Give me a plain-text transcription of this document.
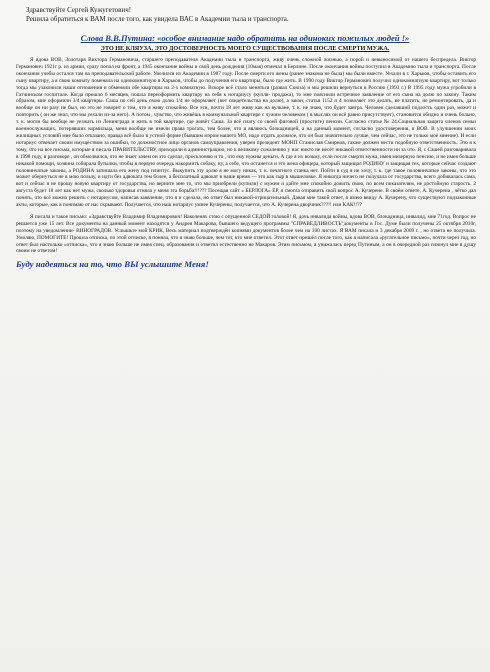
Здравствуйте Сергей Кужугетович!
Решила обратиться к ВАМ после того, как увидела ВАС в Академии тыла и транспорта.
Слова В.В.Путина: «особое внимание надо обратить на одиноких пожилых людей !»
ЭТО НЕ КЛЯУЗА, ЭТО ДОСТОВЕРНОСТЬ МОЕГО СУЩЕСТВОВАНИЯ ПОСЛЕ СМЕРТИ МУЖА.

Я вдова ВОВ, Золотаря Виктора Германовича, старшего преподавателя Академии тыла и транспорта, живу очень сложной жизнью, а порой и невыносимой от нашего беспредела. Виктор Германович 1921г р. из армии, сразу попал на фронт, а 1945 окончание войны и свой день рождения (10мая) отмечал в Берлине. После окончания войны поступил в Академию тыла и транспорта. После окончания учебы остался там на преподавательской работе. Уволился из Академии в 1987 году. После смерти его жены (ранее знакома не была) мы были вместе. Уехали в г. Харьков, чтобы оставить его сыну квартиру, а я свою комнату поменяла на однокомнатную в Харьков, чтобы до получения его квартиры, было где жить. В 1990 году Виктор Германович получил однокомнатную квартиру, вот только тогда мы узаконили наши отношения и обменяли обе квартиры на 2-х комнатную. Вскоре всё стало меняться (развал Союза) и мы решили вернуться в Россию (1993 г.) В 1995 году мужа угробили в Гатчинском госпитале. Когда прошло 6 месяцев, пошла переоформить квартиру на себя к нотариусу (купля- продажа), то мне пояснили встречное заявление от его сына на долю по закону. Таким образом, мне оформили 3/4 квартиры. Саша по сей день свою долю 1/4 не оформляет (нет свидетельства на долю), а закон, статья 1152 п 4 позволяет это делать, не платить, не ремонтировать, да и вообще он ни разу не был, но это не говорит о том, что я живу спокойно. Все эти, почти 18 лет живу как на вулкане, т. к. не знаю, что будет завтра. Человек сделавший подлость один раз, может и повторить ( он же знал, что мы уехали из-за него). А потом , чувство, что живёшь в коммунальной квартире с чужим человеком ( в мыслях он всё равно присутствует), становится обидно и очень больно, т. к. могли бы вообще не уезжать из Ленинграда и жить в той квартире, где живёт Саша. За всё плату со своей фиговой (простите) пенсии. Согласно статье № 24.Социальная защита членов семьи военнослужащих, потерявших кормильца, меня вообще не имели права трогать, тем более, что я являюсь блокадницей, а на данный момент, согласно удостоверения, я ВОВ. В улучшении моих жилищных условий мне было отказано, правда всё было в устной форме (бывшим мэром нашего МО, надо отдать должное, что он был значительно лучше, чем сейчас, это не только моё мнение). И если нотариус отвечает своим имуществом за ошибки, то должностное лицо органов самоуправления, уверен президент МОНП Станислав Смирнов, также должен нести подобную ответственность. Это я к тому, что на все письма, которые я писала ПРАВИТЕЛЬСТВУ, приходили в администрацию, но к великому сожалению у нас никто не несёт никакой ответственности ни за что. Я, с Сашей разговаривала в 1998 году, в разговоре , он обмолвился, что не знает зачем он это сделал, просклоняю и то , что ему нужны деньги. А где я их возьму, если после смерти мужа, имея мизерную пенсию, и не имея больше никакой помощи, хозяина собирала бутылки, чтобы в первую очередь накормить собаку, ну, а себе, что останется и это жена офицера, который защищал РОДИНУ и защищая тех, которые сейчас создают половинчатые законы, а РОДИНА запишала его жену под плинтус. Выкупить эту долю я не могу никак, т. к. печатного станка нет. Пойти в суд я не хочу, т. к. где такое половинчатые законы, что это может обернуться не в мою пользу, и идти без адвоката тем более, а бесплатный адвокат в наше время — это как сыр в мышеловке. Я никогда ничего не получала от государства, всего добивалась сама, вот и сейчас я не прошу новую квартиру от государства, но верните мне то, что мы приобрели (купили) с мужем и дайте мне спокойно дожить свою, по всем показателям, не достойную старость. 2 августа будет 18 лет как нет мужа, сколько здоровья отняла у меня эта борьба!!!??? Посещая сайт « БЕРЛОГА» ЕР, я смогла отправить свой вопрос А. Кучерене. В своём ответе, А. Кучерена , чётко дал понять, что всё можно решить с нотариусом, написав заявление, что я и сделала, но ответ был никакой-отрицательный. Давая мне такой ответ, я имею ввиду А. Кучерену, что существуют подзаконные акты, которые, как я понимаю от нас скрывают. Получается, что наш нотариус умнее Кучерены, получается, что А. Кучерена дворчник???!! или КАК!!??

Я писала и такое письмо: «Здравствуйте Владимир Владимирович! Наколенях стою с опущенной СЕДОЙ головой! Я, дочь инвалида войны, вдова ВОВ, блокадница, инвалид, мне 71год. Вопрос не решается уже 15 лет. Все документы на данный момент находятся у Андрея Макарова, бывшего ведущего программы "СПРАВЕДЛИВОСТЬ"документы в Гос. Думе были получены 25 октября 2010г, поэтому на уведомлении- ВИНОГРАДОВ. Услышьте мой КРИК, Весь материал подтверждён копиями документов более чем на 100 листах. Я ВАМ писала и 3 декабря 2009 г. , но ответа не получила. Умоляю, ПОМОГИТЕ! Прошла отписка, по этой отписке, я поняла, что я знаю больше, чем тот, кто мне ответил. Этот ответ пришёл после того, как я написала «ругательное письмо», почти через год, но ответ был настолько «отписка», что я знаю больше не имея спец. образования и ответил естественно не Макаров. Этим письмом, я унижалась перед Путиным, а он в очередной раз плюнул мне в душу своим не ответом!

Буду надеяться на то, что ВЫ услышите Меня!
